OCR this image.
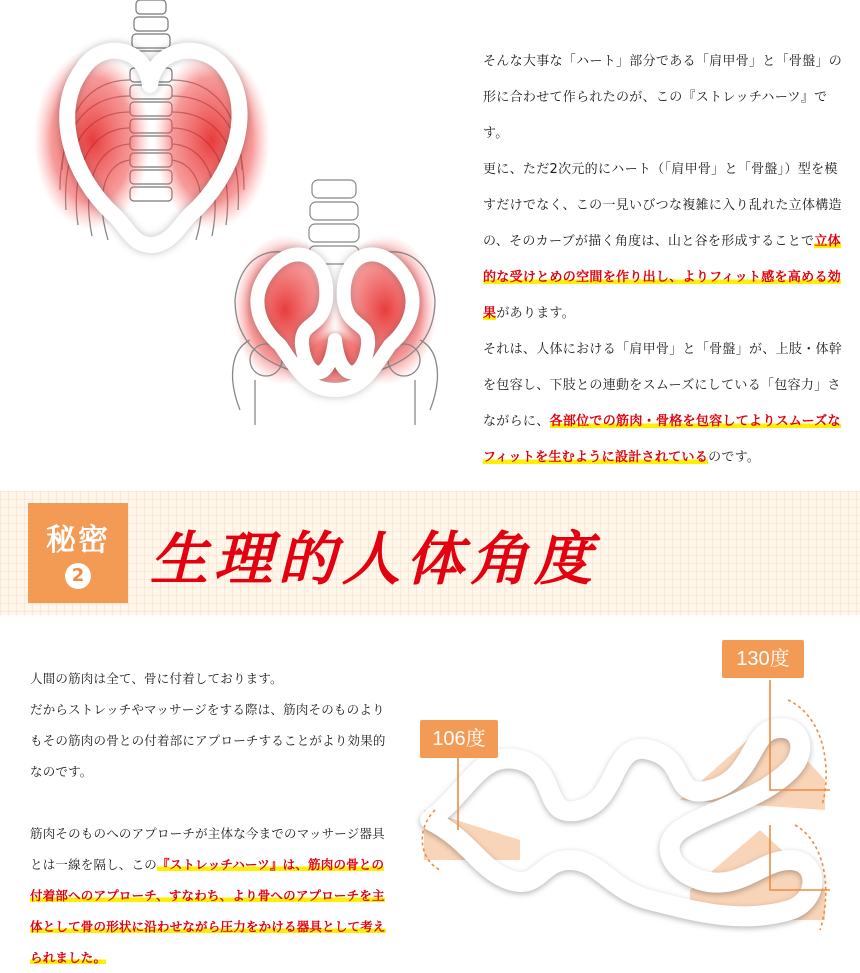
そんな大事な「ハート」部分である「肩甲骨」と「骨盤」の形に合わせて作られたのが、この『ストレッチハーツ』です。

更に、ただ2次元的にハート（「肩甲骨」と「骨盤」）型を模すだけでなく、この一見いびつな複雑に入り乱れた立体構造の、そのカーブが描く角度は、山と谷を形成することで立体的な受けとめの空間を作り出し、よりフィット感を高める効果があります。

それは、人体における「肩甲骨」と「骨盤」が、上肢・体幹を包容し、下肢との連動をスムーズにしている「包容力」さながらに、各部位での筋肉・骨格を包容してよりスムーズなフィットを生むように設計されているのです。

秘密
2	生理的人体角度

人間の筋肉は全て、骨に付着しております。

だからストレッチやマッサージをする際は、筋肉そのものよりもその筋肉の骨との付着部にアプローチすることがより効果的なのです。

筋肉そのものへのアプローチが主体な今までのマッサージ器具とは一線を隔し、この『ストレッチハーツ』は、筋肉の骨との付着部へのアプローチ、すなわち、より骨へのアプローチを主体として骨の形状に沿わせながら圧力をかける器具として考えられました。

106度
130度
